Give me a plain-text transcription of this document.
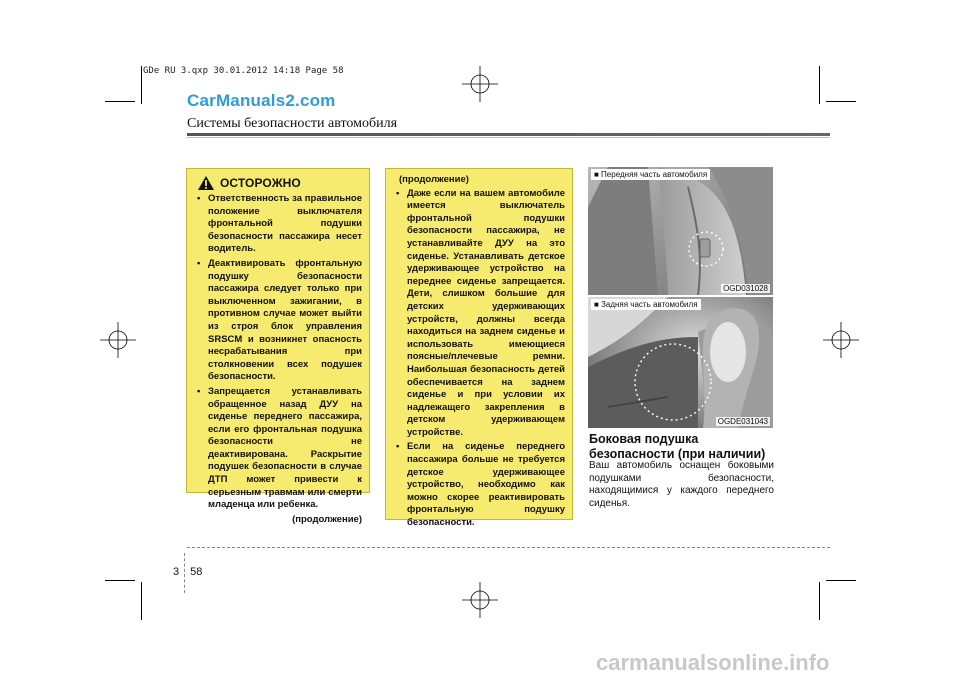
GDe RU 3.qxp 30.01.2012 14:18 Page 58
CarManuals2.com
Системы безопасности автомобиля
ОСТОРОЖНО
• Ответственность за правильное положение выключателя фронтальной подушки безопасности пассажира несет водитель.
• Деактивировать фронтальную подушку безопасности пассажира следует только при выключенном зажигании, в противном случае может выйти из строя блок управления SRSCM и возникнет опасность несрабатывания при столкновении всех подушек безопасности.
• Запрещается устанавливать обращенное назад ДУУ на сиденье переднего пассажира, если его фронтальная подушка безопасности не деактивирована. Раскрытие подушек безопасности в случае ДТП может привести к серьезным травмам или смерти младенца или ребенка.
(продолжение)
(продолжение)
• Даже если на вашем автомобиле имеется выключатель фронтальной подушки безопасности пассажира, не устанавливайте ДУУ на это сиденье. Устанавливать детское удерживающее устройство на переднее сиденье запрещается. Дети, слишком большие для детских удерживающих устройств, должны всегда находиться на заднем сиденье и использовать имеющиеся поясные/плечевые ремни. Наибольшая безопасность детей обеспечивается на заднем сиденье и при условии их надлежащего закрепления в детском удерживающем устройстве.
• Если на сиденье переднего пассажира больше не требуется детское удерживающее устройство, необходимо как можно скорее реактивировать фронтальную подушку безопасности.
■ Передняя часть автомобиля
OGD031028
■ Задняя часть автомобиля
OGDE031043
Боковая подушка безопасности (при наличии)
Ваш автомобиль оснащен боковыми подушками безопасности, находящимися у каждого переднего сиденья.
3 58
carmanualsonline.info
